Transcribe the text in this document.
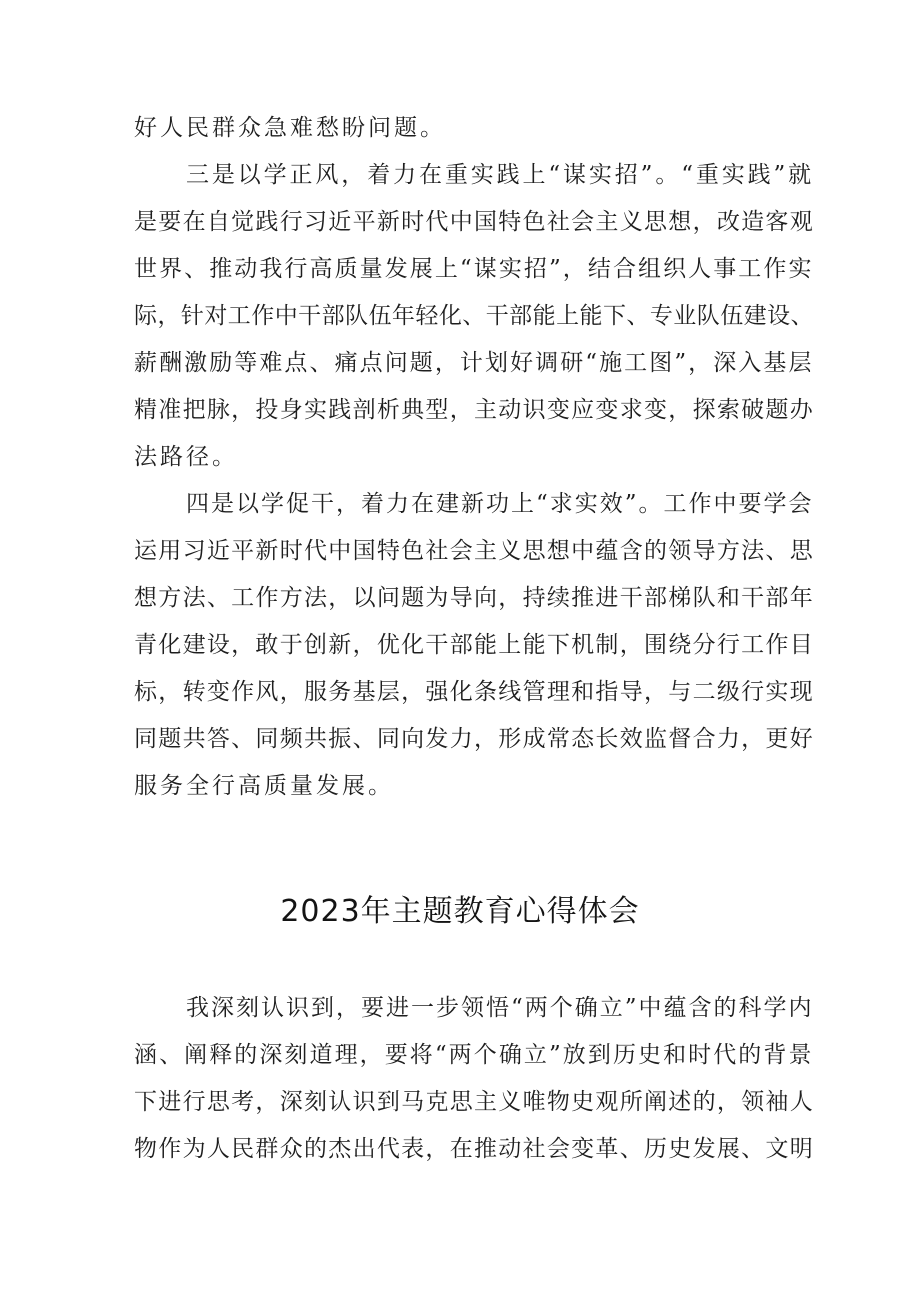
好人民群众急难愁盼问题。
三是以学正风，着力在重实践上“谋实招”。“重实践”就
是要在自觉践行习近平新时代中国特色社会主义思想，改造客观
世界、推动我行高质量发展上“谋实招”，结合组织人事工作实
际，针对工作中干部队伍年轻化、干部能上能下、专业队伍建设、
薪酬激励等难点、痛点问题，计划好调研“施工图”，深入基层
精准把脉，投身实践剖析典型，主动识变应变求变，探索破题办
法路径。
四是以学促干，着力在建新功上“求实效”。工作中要学会
运用习近平新时代中国特色社会主义思想中蕴含的领导方法、思
想方法、工作方法，以问题为导向，持续推进干部梯队和干部年
青化建设，敢于创新，优化干部能上能下机制，围绕分行工作目
标，转变作风，服务基层，强化条线管理和指导，与二级行实现
同题共答、同频共振、同向发力，形成常态长效监督合力，更好
服务全行高质量发展。
2023年主题教育心得体会
我深刻认识到，要进一步领悟“两个确立”中蕴含的科学内
涵、阐释的深刻道理，要将“两个确立”放到历史和时代的背景
下进行思考，深刻认识到马克思主义唯物史观所阐述的，领袖人
物作为人民群众的杰出代表，在推动社会变革、历史发展、文明
